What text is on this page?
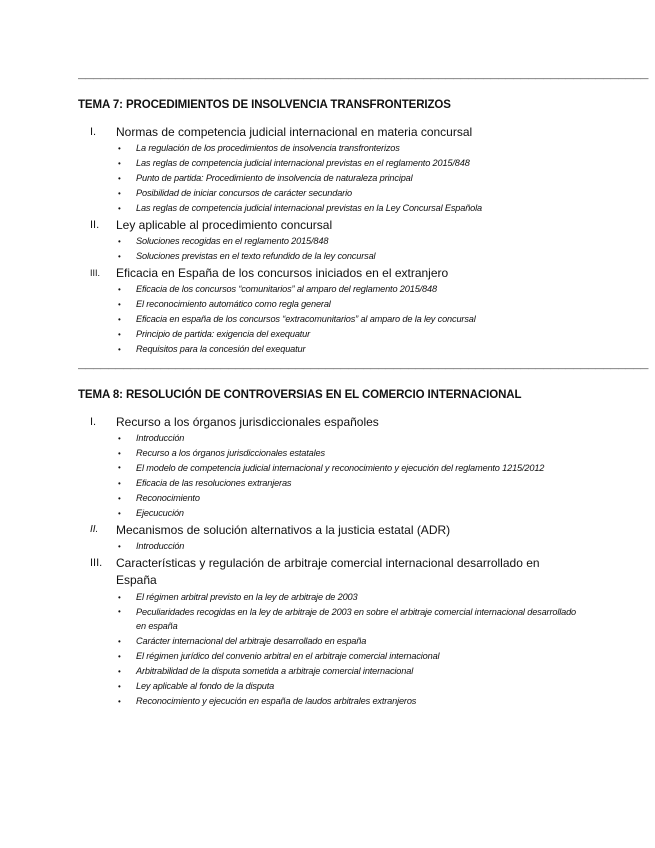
————————————————————————————————————————————————————————————————————————————
TEMA 7: PROCEDIMIENTOS DE INSOLVENCIA TRANSFRONTERIZOS
I.	Normas de competencia judicial internacional en materia concursal
• La regulación de los procedimientos de insolvencia transfronterizos
• Las reglas de competencia judicial internacional previstas en el reglamento 2015/848
• Punto de partida: Procedimiento de insolvencia de naturaleza principal
• Posibilidad de iniciar concursos de carácter secundario
• Las reglas de competencia judicial internacional previstas en la Ley Concursal Española
II.	Ley aplicable al procedimiento concursal
• Soluciones recogidas en el reglamento 2015/848
• Soluciones previstas en el texto refundido de la ley concursal
III.	Eficacia en España de los concursos iniciados en el extranjero
• Eficacia de los concursos “comunitarios” al amparo del reglamento 2015/848
• El reconocimiento automático como regla general
• Eficacia en españa de los concursos “extracomunitarios” al amparo de la ley concursal
• Principio de partida: exigencia del exequatur
• Requisitos para la concesión del exequatur
————————————————————————————————————————————————————————————————————————————
TEMA 8: RESOLUCIÓN DE CONTROVERSIAS EN EL COMERCIO INTERNACIONAL
I.	Recurso a los órganos jurisdiccionales españoles
• Introducción
• Recurso a los órganos jurisdiccionales estatales
• El modelo de competencia judicial internacional y reconocimiento y ejecución del reglamento 1215/2012
• Eficacia de las resoluciones extranjeras
• Reconocimiento
• Ejecucución
II.	Mecanismos de solución alternativos a la justicia estatal (ADR)
• Introducción
III.	Características y regulación de arbitraje comercial internacional desarrollado en España
• El régimen arbitral previsto en la ley de arbitraje de 2003
• Peculiaridades recogidas en la ley de arbitraje de 2003 en sobre el arbitraje comercial internacional desarrollado en españa
• Carácter internacional del arbitraje desarrollado en españa
• El régimen jurídico del convenio arbitral en el arbitraje comercial internacional
• Arbitrabilidad de la disputa sometida a arbitraje comercial internacional
• Ley aplicable al fondo de la disputa
• Reconocimiento y ejecución en españa de laudos arbitrales extranjeros
